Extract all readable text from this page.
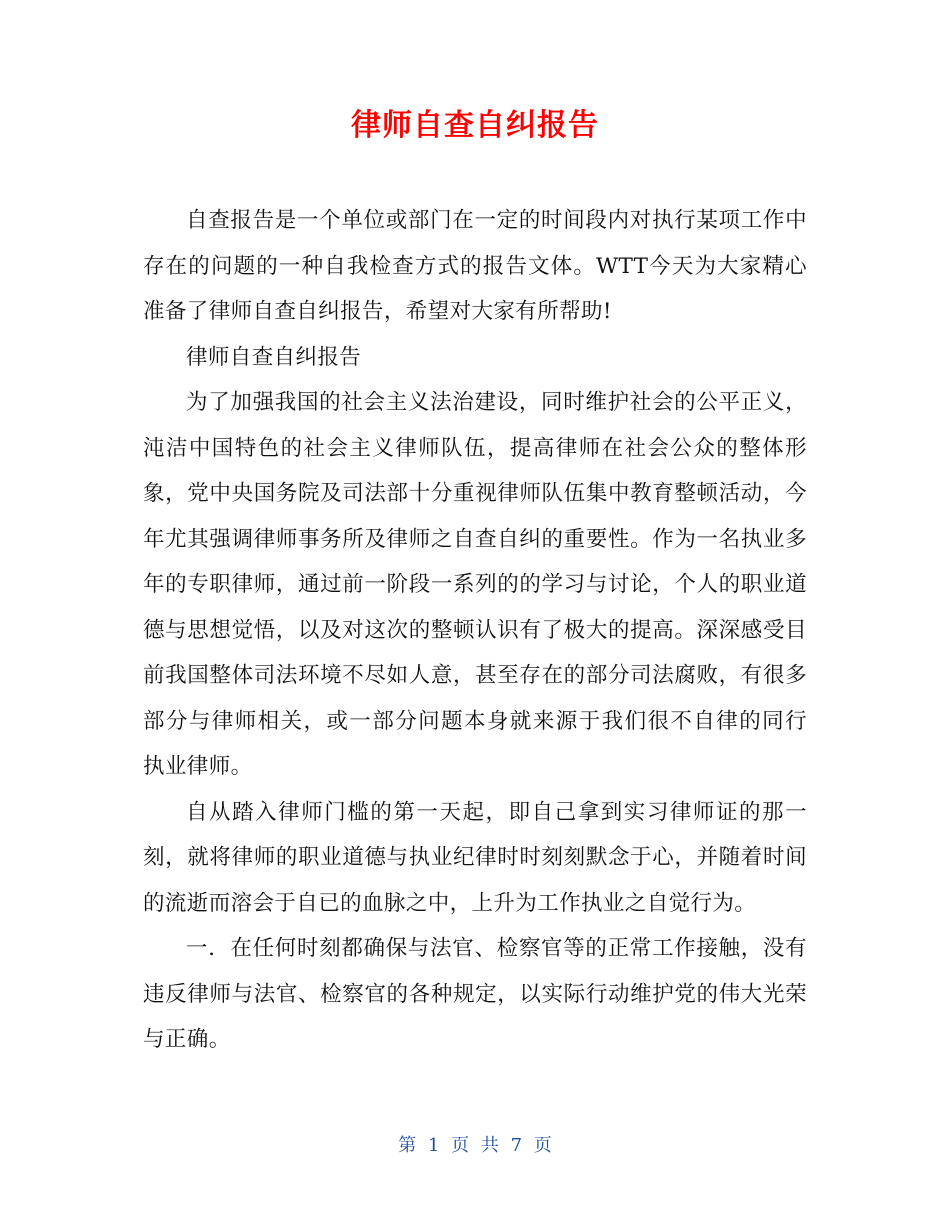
律师自查自纠报告

自查报告是一个单位或部门在一定的时间段内对执行某项工作中存在的问题的一种自我检查方式的报告文体。WTT今天为大家精心准备了律师自查自纠报告，希望对大家有所帮助!

律师自查自纠报告

为了加强我国的社会主义法治建设，同时维护社会的公平正义，沌洁中国特色的社会主义律师队伍，提高律师在社会公众的整体形象，党中央国务院及司法部十分重视律师队伍集中教育整顿活动，今年尤其强调律师事务所及律师之自查自纠的重要性。作为一名执业多年的专职律师，通过前一阶段一系列的的学习与讨论，个人的职业道德与思想觉悟，以及对这次的整顿认识有了极大的提高。深深感受目前我国整体司法环境不尽如人意，甚至存在的部分司法腐败，有很多部分与律师相关，或一部分问题本身就来源于我们很不自律的同行　执业律师。

自从踏入律师门槛的第一天起，即自己拿到实习律师证的那一刻，就将律师的职业道德与执业纪律时时刻刻默念于心，并随着时间的流逝而溶会于自已的血脉之中，上升为工作执业之自觉行为。

一．在任何时刻都确保与法官、检察官等的正常工作接触，没有违反律师与法官、检察官的各种规定，以实际行动维护党的伟大光荣与正确。

第 1 页 共 7 页
